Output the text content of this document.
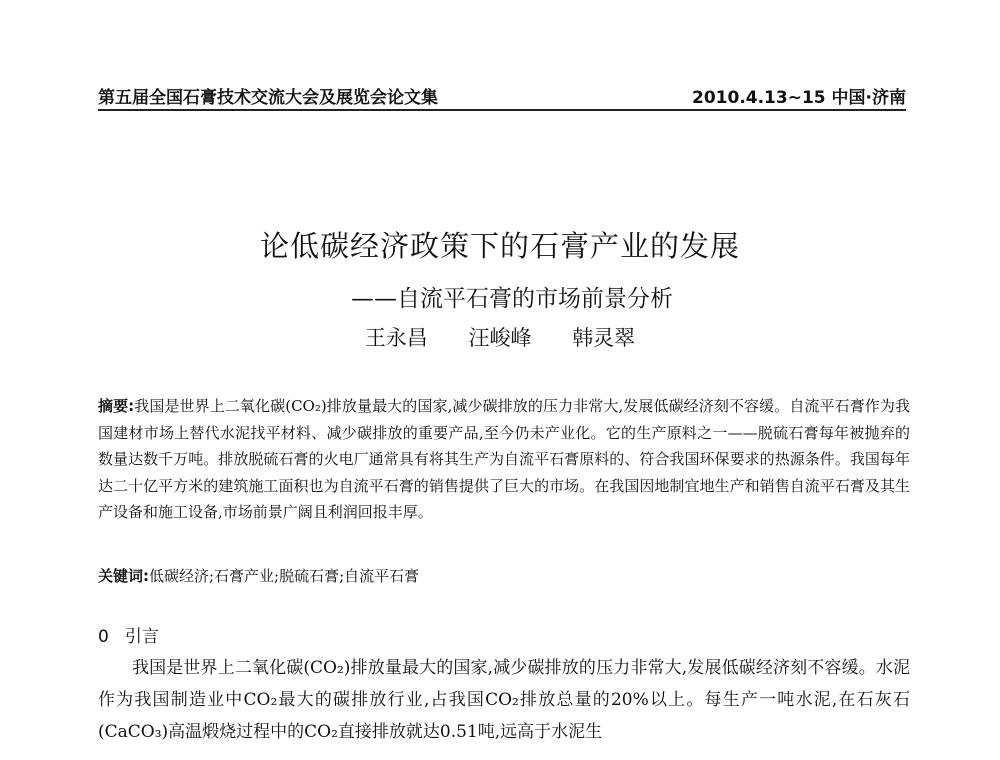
第五届全国石膏技术交流大会及展览会论文集	2010.4.13~15 中国·济南
论低碳经济政策下的石膏产业的发展
——自流平石膏的市场前景分析
王永昌 汪峻峰 韩灵翠
摘要:我国是世界上二氧化碳(CO₂)排放量最大的国家,减少碳排放的压力非常大,发展低碳经济刻不容缓。自流平石膏作为我国建材市场上替代水泥找平材料、减少碳排放的重要产品,至今仍未产业化。它的生产原料之一——脱硫石膏每年被抛弃的数量达数千万吨。排放脱硫石膏的火电厂通常具有将其生产为自流平石膏原料的、符合我国环保要求的热源条件。我国每年达二十亿平方米的建筑施工面积也为自流平石膏的销售提供了巨大的市场。在我国因地制宜地生产和销售自流平石膏及其生产设备和施工设备,市场前景广阔且利润回报丰厚。
关键词:低碳经济;石膏产业;脱硫石膏;自流平石膏
0 引言

我国是世界上二氧化碳(CO₂)排放量最大的国家,减少碳排放的压力非常大,发展低碳经济刻不容缓。水泥作为我国制造业中CO₂最大的碳排放行业,占我国CO₂排放总量的20%以上。每生产一吨水泥,在石灰石(CaCO₃)高温煅烧过程中的CO₂直接排放就达0.51吨,远高于水泥生
